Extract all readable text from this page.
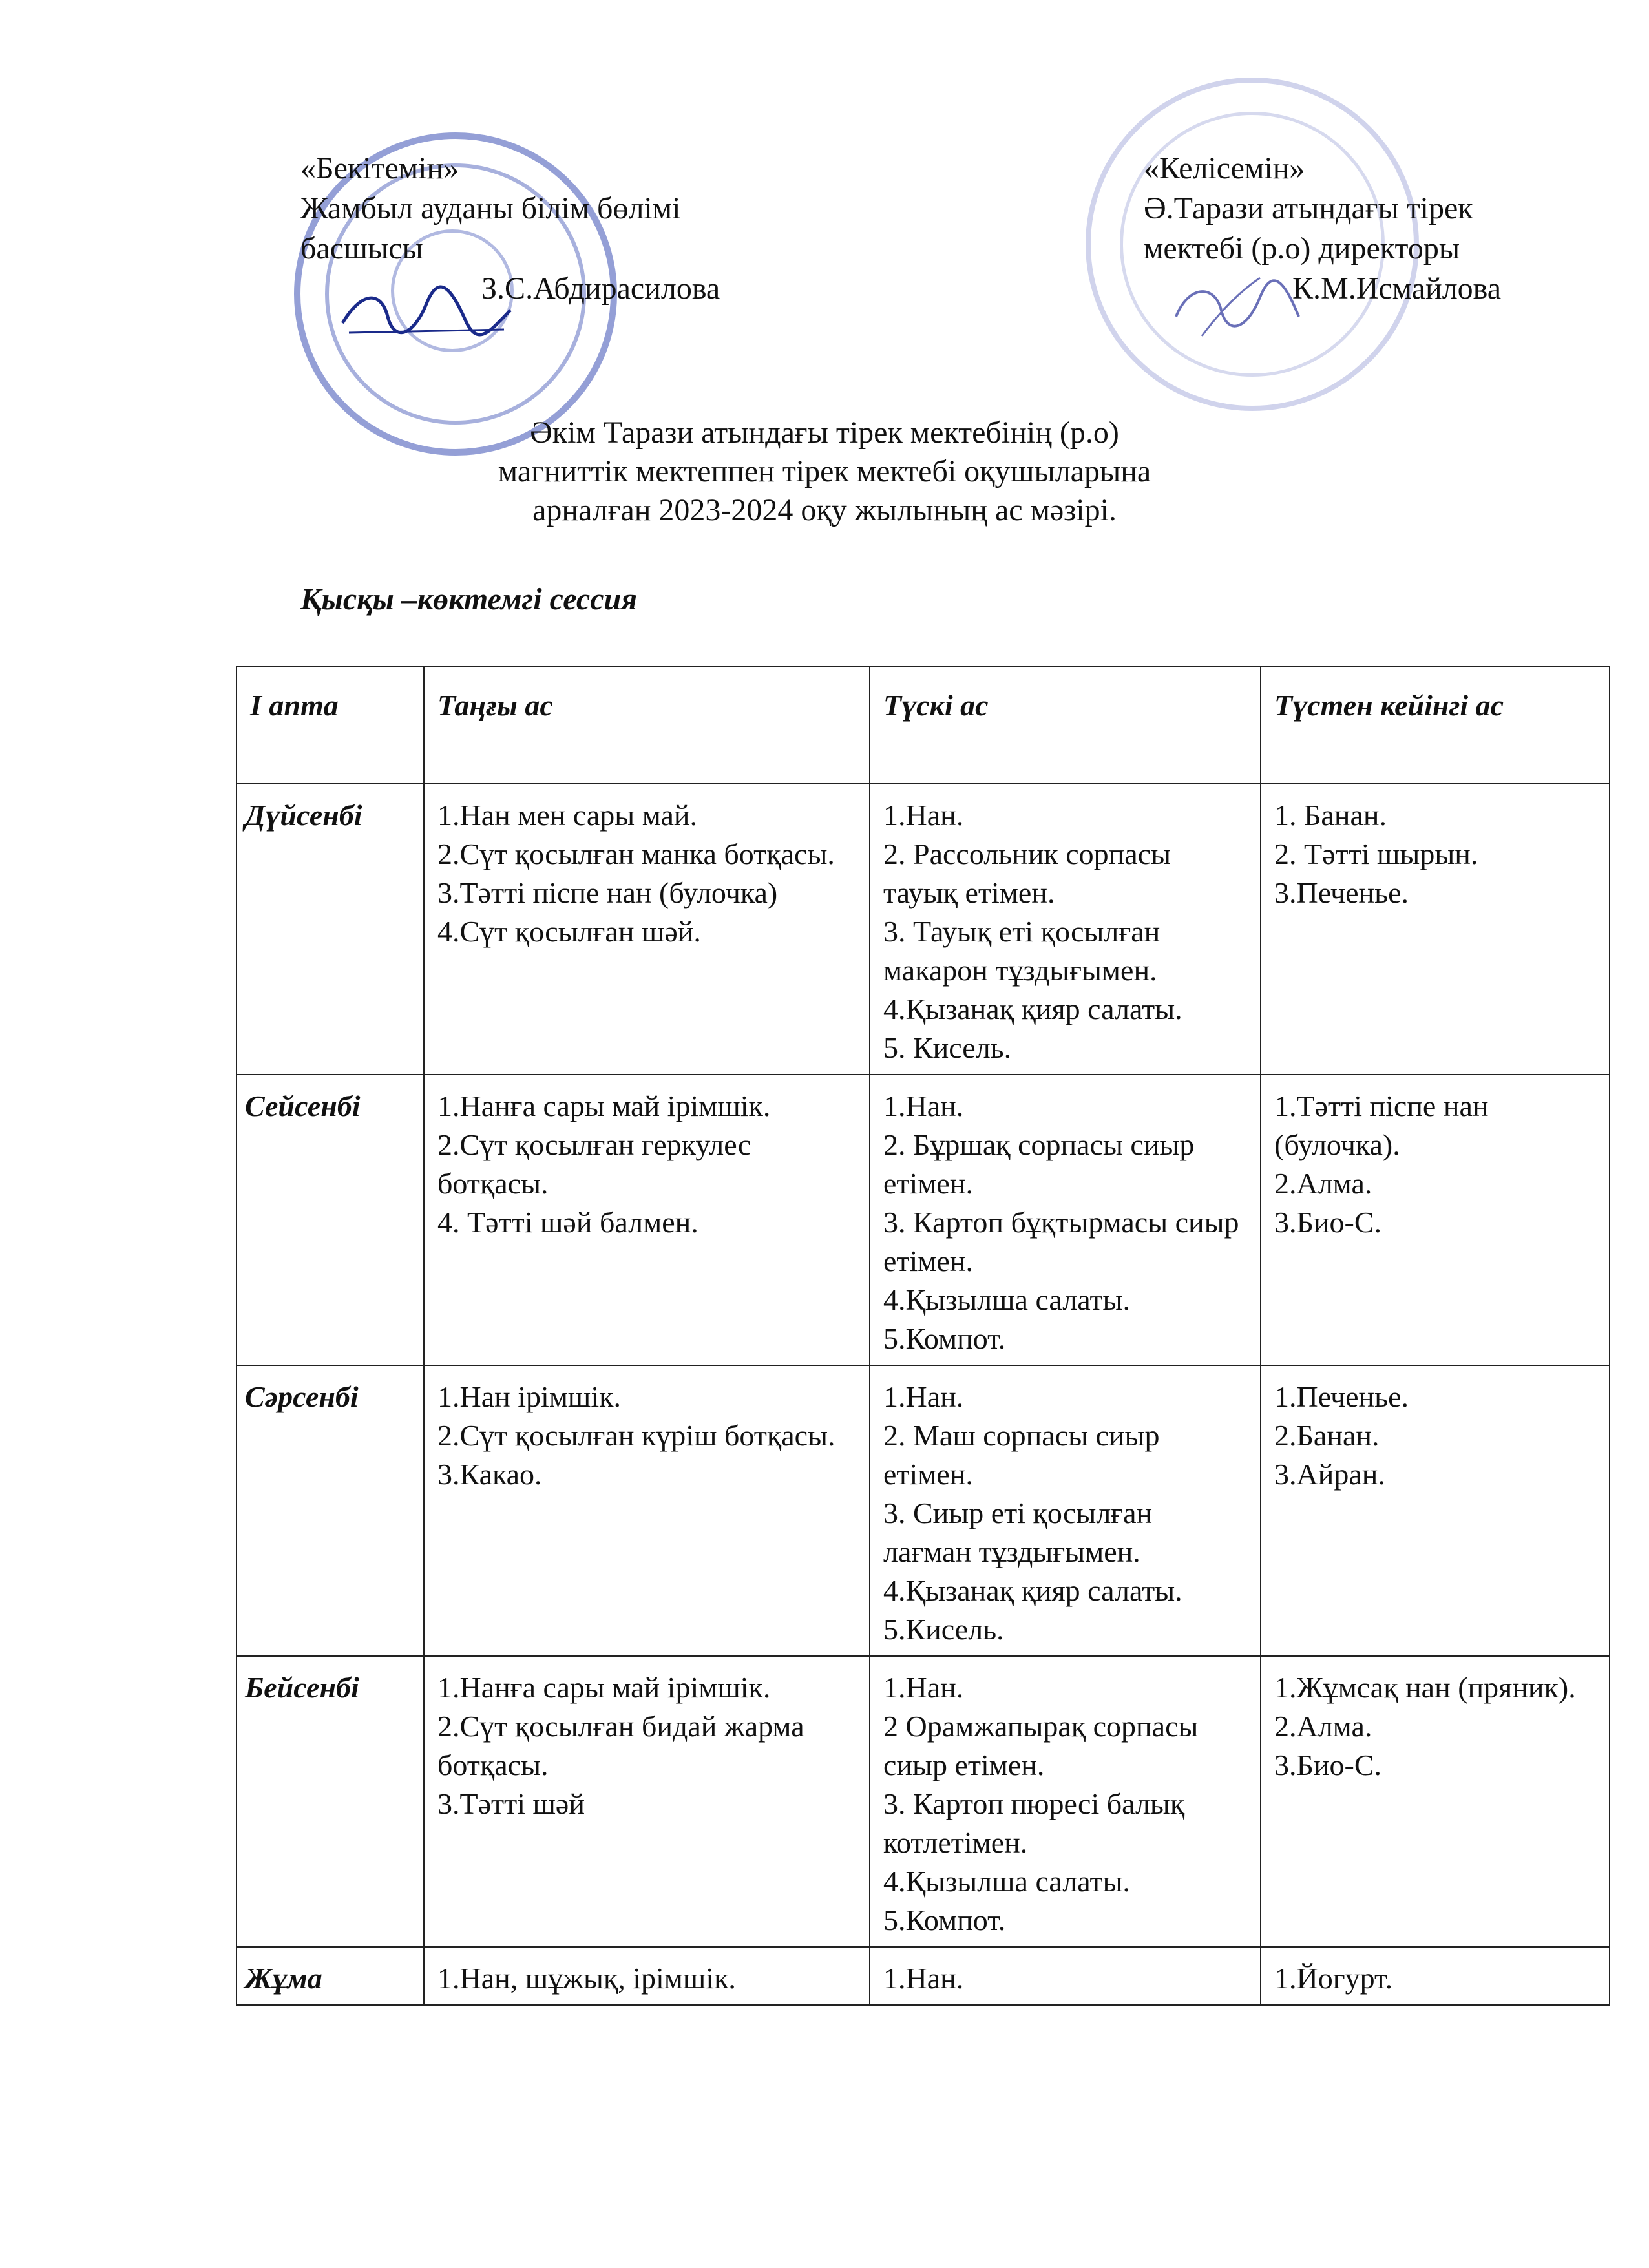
«Бекітемін»
Жамбыл ауданы білім бөлімі
басшысы
З.С.Абдирасилова
«Келісемін»
Ә.Тарази атындағы тірек
мектебі (р.о) директоры
К.М.Исмайлова
Әкім Тарази атындағы тірек мектебінің (р.о)
магниттік мектеппен тірек мектебі оқушыларына
арналған 2023-2024 оқу жылының ас мәзірі.
Қысқы –көктемгі сессия
I апта	Таңғы ас	Түскі ас	Түстен кейінгі ас
Дүйсенбі	1.Нан мен сары май.
2.Сүт қосылған манка ботқасы.
3.Тәтті піспе нан (булочка)
4.Сүт қосылған шәй.	1.Нан.
2. Рассольник сорпасы тауық етімен.
3. Тауық еті қосылған макарон тұздығымен.
4.Қызанақ қияр салаты.
5. Кисель.	1. Банан.
2. Тәтті шырын.
3.Печенье.

Сейсенбі	1.Нанға сары май ірімшік.
2.Сүт қосылған геркулес ботқасы.
4. Тәтті шәй балмен.	1.Нан.
2. Бұршақ сорпасы сиыр етімен.
3. Картоп бұқтырмасы сиыр етімен.
4.Қызылша салаты.
5.Компот.	1.Тәтті піспе нан (булочка).
2.Алма.
3.Био-С.

Сәрсенбі	1.Нан ірімшік.
2.Сүт қосылған күріш ботқасы.
3.Какао.	1.Нан.
2. Маш сорпасы сиыр етімен.
3. Сиыр еті қосылған лағман тұздығымен.
4.Қызанақ қияр салаты.
5.Кисель.	1.Печенье.
2.Банан.
3.Айран.

Бейсенбі	1.Нанға сары май ірімшік.
2.Сүт қосылған бидай жарма ботқасы.
3.Тәтті шәй	1.Нан.
2 Орамжапырақ сорпасы сиыр етімен.
3. Картоп пюресі балық котлетімен.
4.Қызылша салаты.
5.Компот.	1.Жұмсақ нан (пряник).
2.Алма.
3.Био-С.

Жұма	1.Нан, шұжық, ірімшік.	1.Нан.	1.Йогурт.
